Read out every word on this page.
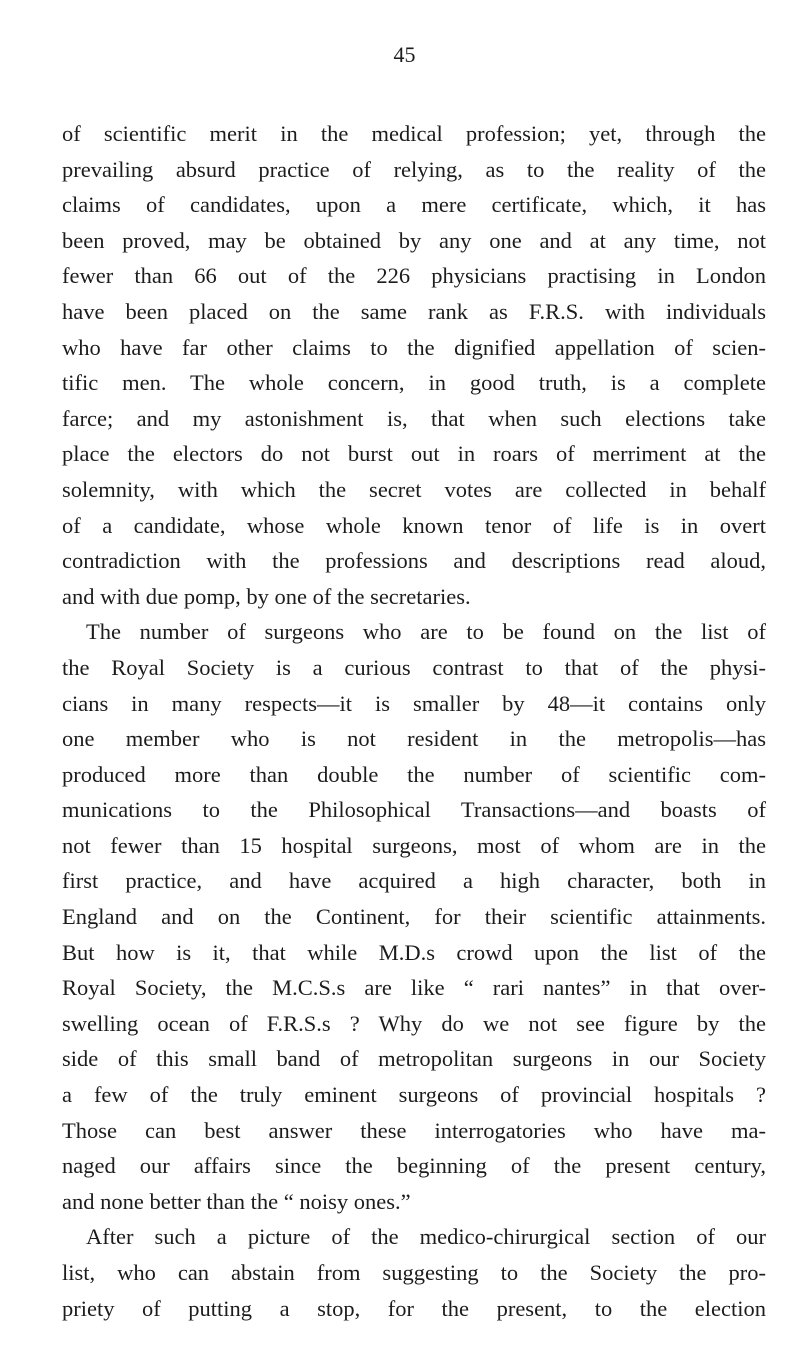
45
of scientific merit in the medical profession; yet, through the
prevailing absurd practice of relying, as to the reality of the
claims of candidates, upon a mere certificate, which, it has
been proved, may be obtained by any one and at any time, not
fewer than 66 out of the 226 physicians practising in London
have been placed on the same rank as F.R.S. with individuals
who have far other claims to the dignified appellation of scien-
tific men. The whole concern, in good truth, is a complete
farce; and my astonishment is, that when such elections take
place the electors do not burst out in roars of merriment at the
solemnity, with which the secret votes are collected in behalf
of a candidate, whose whole known tenor of life is in overt
contradiction with the professions and descriptions read aloud,
and with due pomp, by one of the secretaries.
The number of surgeons who are to be found on the list of
the Royal Society is a curious contrast to that of the physi-
cians in many respects—it is smaller by 48—it contains only
one member who is not resident in the metropolis—has
produced more than double the number of scientific com-
munications to the Philosophical Transactions—and boasts of
not fewer than 15 hospital surgeons, most of whom are in the
first practice, and have acquired a high character, both in
England and on the Continent, for their scientific attainments.
But how is it, that while M.D.s crowd upon the list of the
Royal Society, the M.C.S.s are like “ rari nantes” in that over-
swelling ocean of F.R.S.s ? Why do we not see figure by the
side of this small band of metropolitan surgeons in our Society
a few of the truly eminent surgeons of provincial hospitals ?
Those can best answer these interrogatories who have ma-
naged our affairs since the beginning of the present century,
and none better than the “ noisy ones.”
After such a picture of the medico-chirurgical section of our
list, who can abstain from suggesting to the Society the pro-
priety of putting a stop, for the present, to the election
